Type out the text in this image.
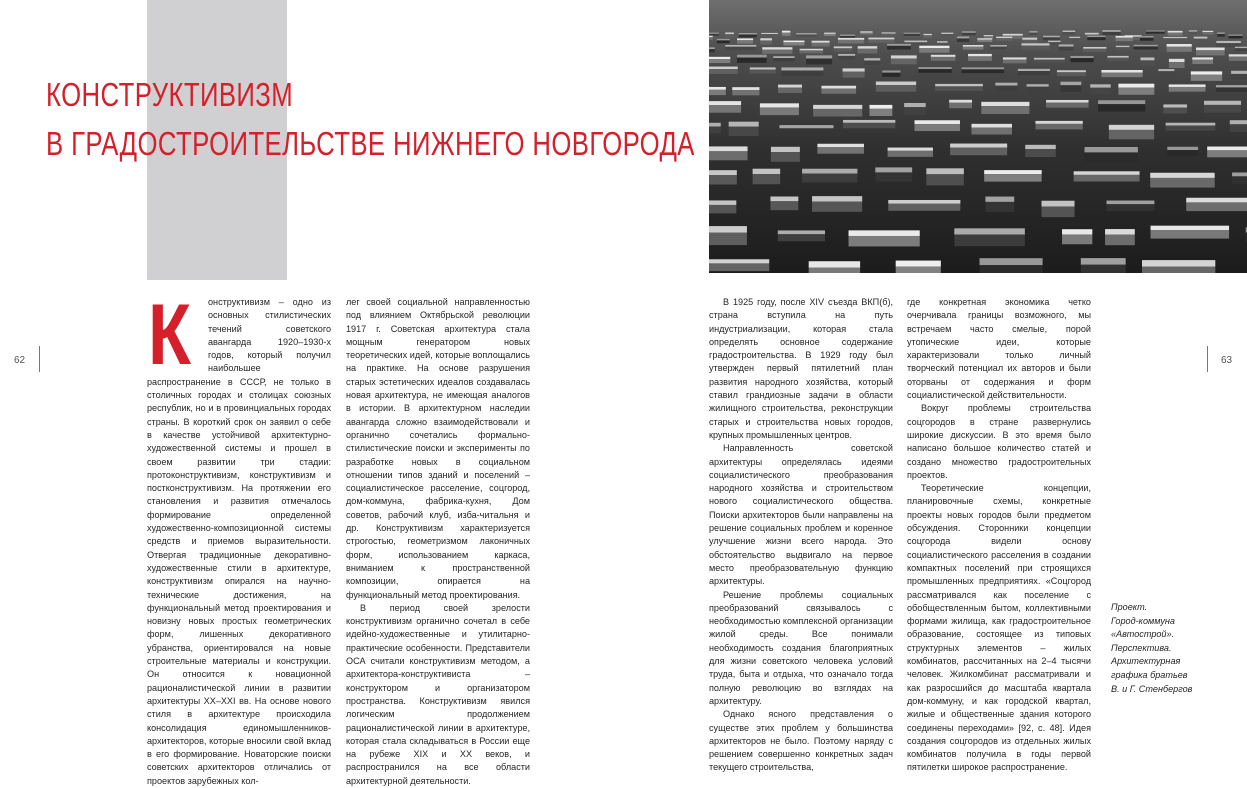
КОНСТРУКТИВИЗМ
В ГРАДОСТРОИТЕЛЬСТВЕ НИЖНЕГО НОВГОРОДА
62	63
К	онструктивизм – одно из основных стилистических течений советского авангарда 1920–1930-х годов, который получил наибольшее распространение в СССР, не только в столичных городах и столицах союзных республик, но и в провинциальных городах страны. В короткий срок он заявил о себе в качестве устойчивой архитектурно-художественной системы и прошел в своем развитии три стадии: протоконструктивизм, конструктивизм и постконструктивизм. На протяжении его становления и развития отмечалось формирование определенной художественно-композиционной системы средств и приемов выразительности. Отвергая традиционные декоративно-художественные стили в архитектуре, конструктивизм опирался на научно-технические достижения, на функциональный метод проектирования и новизну новых простых геометрических форм, лишенных декоративного убранства, ориентировался на новые строительные материалы и конструкции. Он относится к новационной рационалистической линии в развитии архитектуры XX–XXI вв. На основе нового стиля в архитектуре происходила консолидация единомышленников-архитекторов, которые вносили свой вклад в его формирование. Новаторские поиски советских архитекторов отличались от проектов зарубежных кол-

лег своей социальной направленностью под влиянием Октябрьской революции 1917 г. Советская архитектура стала мощным генератором новых теоретических идей, которые воплощались на практике. На основе разрушения старых эстетических идеалов создавалась новая архитектура, не имеющая аналогов в истории. В архитектурном наследии авангарда сложно взаимодействовали и органично сочетались формально-стилистические поиски и эксперименты по разработке новых в социальном отношении типов зданий и поселений – социалистическое расселение, соцгород, дом-коммуна, фабрика-кухня, Дом советов, рабочий клуб, изба-читальня и др. Конструктивизм характеризуется строгостью, геометризмом лаконичных форм, использованием каркаса, вниманием к пространственной композиции, опирается на функциональный метод проектирования.

В период своей зрелости конструктивизм органично сочетал в себе идейно-художественные и утилитарно-практические особенности. Представители ОСА считали конструктивизм методом, а архитектора-конструктивиста – конструктором и организатором пространства. Конструктивизм явился логическим продолжением рационалистической линии в архитектуре, которая стала складываться в России еще на рубеже XIX и XX веков, и распространился на все области архитектурной деятельности.

В 1925 году, после XIV съезда ВКП(б), страна вступила на путь индустриализации, которая стала определять основное содержание градостроительства. В 1929 году был утвержден первый пятилетний план развития народного хозяйства, который ставил грандиозные задачи в области жилищного строительства, реконструкции старых и строительства новых городов, крупных промышленных центров.

Направленность советской архитектуры определялась идеями социалистического преобразования народного хозяйства и строительством нового социалистического общества. Поиски архитекторов были направлены на решение социальных проблем и коренное улучшение жизни всего народа. Это обстоятельство выдвигало на первое место преобразовательную функцию архитектуры.

Решение проблемы социальных преобразований связывалось с необходимостью комплексной организации жилой среды. Все понимали необходимость создания благоприятных для жизни советского человека условий труда, быта и отдыха, что означало тогда полную революцию во взглядах на архитектуру.

Однако ясного представления о существе этих проблем у большинства архитекторов не было. Поэтому наряду с решением совершенно конкретных задач текущего строительства,

где конкретная экономика четко очерчивала границы возможного, мы встречаем часто смелые, порой утопические идеи, которые характеризовали только личный творческий потенциал их авторов и были оторваны от содержания и форм социалистической действительности.

Вокруг проблемы строительства соцгородов в стране развернулись широкие дискуссии. В это время было написано большое количество статей и создано множество градостроительных проектов.

Теоретические концепции, планировочные схемы, конкретные проекты новых городов были предметом обсуждения. Сторонники концепции соцгорода видели основу социалистического расселения в создании компактных поселений при строящихся промышленных предприятиях. «Соцгород рассматривался как поселение с обобществленным бытом, коллективными формами жилища, как градостроительное образование, состоящее из типовых структурных элементов – жилых комбинатов, рассчитанных на 2–4 тысячи человек. Жилкомбинат рассматривали и как разросшийся до масштаба квартала дом-коммуну, и как городской квартал, жилые и общественные здания которого соединены переходами» [92, с. 48]. Идея создания соцгородов из отдельных жилых комбинатов получила в годы первой пятилетки широкое распространение.

Проект.
Город-коммуна
«Автострой».
Перспектива.
Архитектурная
графика братьев
В. и Г. Стенбергов
